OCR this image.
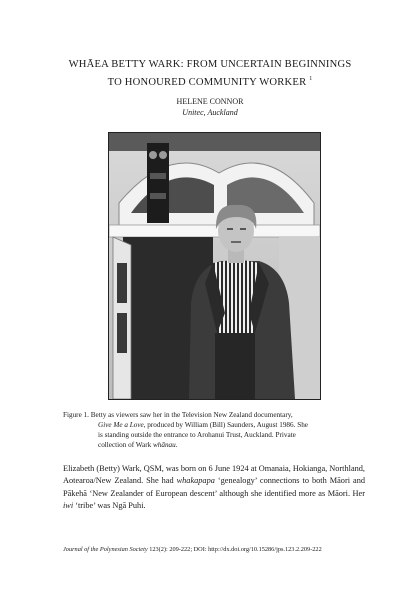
WHĀEA BETTY WARK: FROM UNCERTAIN BEGINNINGS
TO HONOURED COMMUNITY WORKER $^1$
HELENE CONNOR
Unitec, Auckland
Figure 1. Betty as viewers saw her in the Television New Zealand documentary,
Give Me a Love, produced by William (Bill) Saunders, August 1986. She
is standing outside the entrance to Arohanui Trust, Auckland. Private
collection of Wark whānau.
Elizabeth (Betty) Wark, QSM, was born on 6 June 1924 at Omanaia, Hokianga, Northland, Aotearoa/New Zealand. She had whakapapa ‘genealogy’ connections to both Māori and Pākehā ‘New Zealander of European descent’ although she identified more as Māori. Her iwi ‘tribe’ was Ngā Puhi.
Journal of the Polynesian Society 123(2): 209-222; DOI: http://dx.doi.org/10.15286/jps.123.2.209-222
